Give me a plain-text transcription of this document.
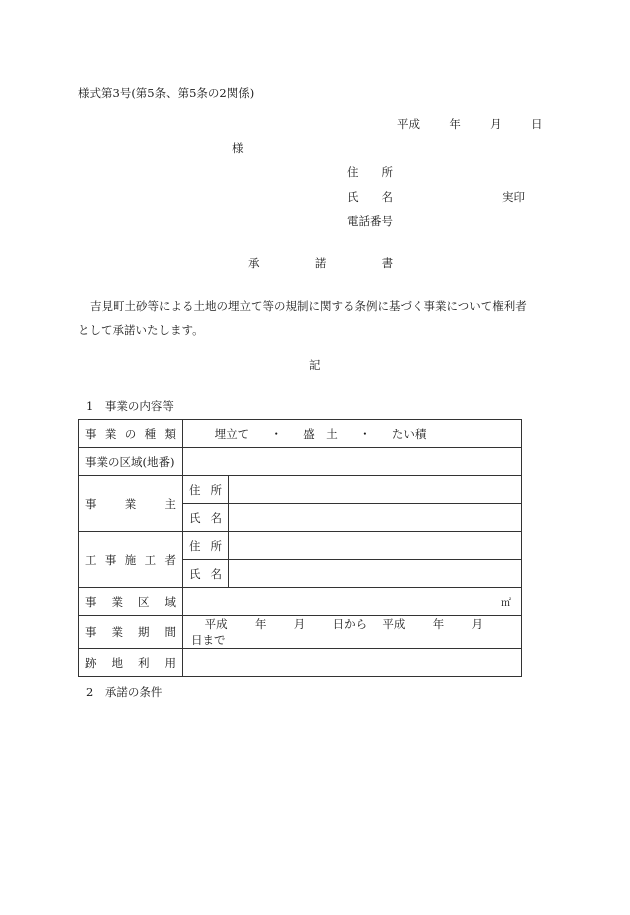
様式第3号(第5条、第5条の2関係)
平成	年	月	日
様
住　　所
氏　　名	実印
電話番号
承	諾	書
吉見町土砂等による土地の埋立て等の規制に関する条例に基づく事業について権利者として承諾いたします。
記
1　事業の内容等
事 業 の 種 類	埋立て ・ 盛　土 ・ たい積	
事業の区域(地番)		

事 業 主	住 所	

	氏 名	

工 事 施 工 者	住 所	

	氏 名	

事 業 区 域	㎡	

事 業 期 間	平成 年 月 日から 平成 年 月  日まで	

跡 地 利 用		

2　承諾の条件
